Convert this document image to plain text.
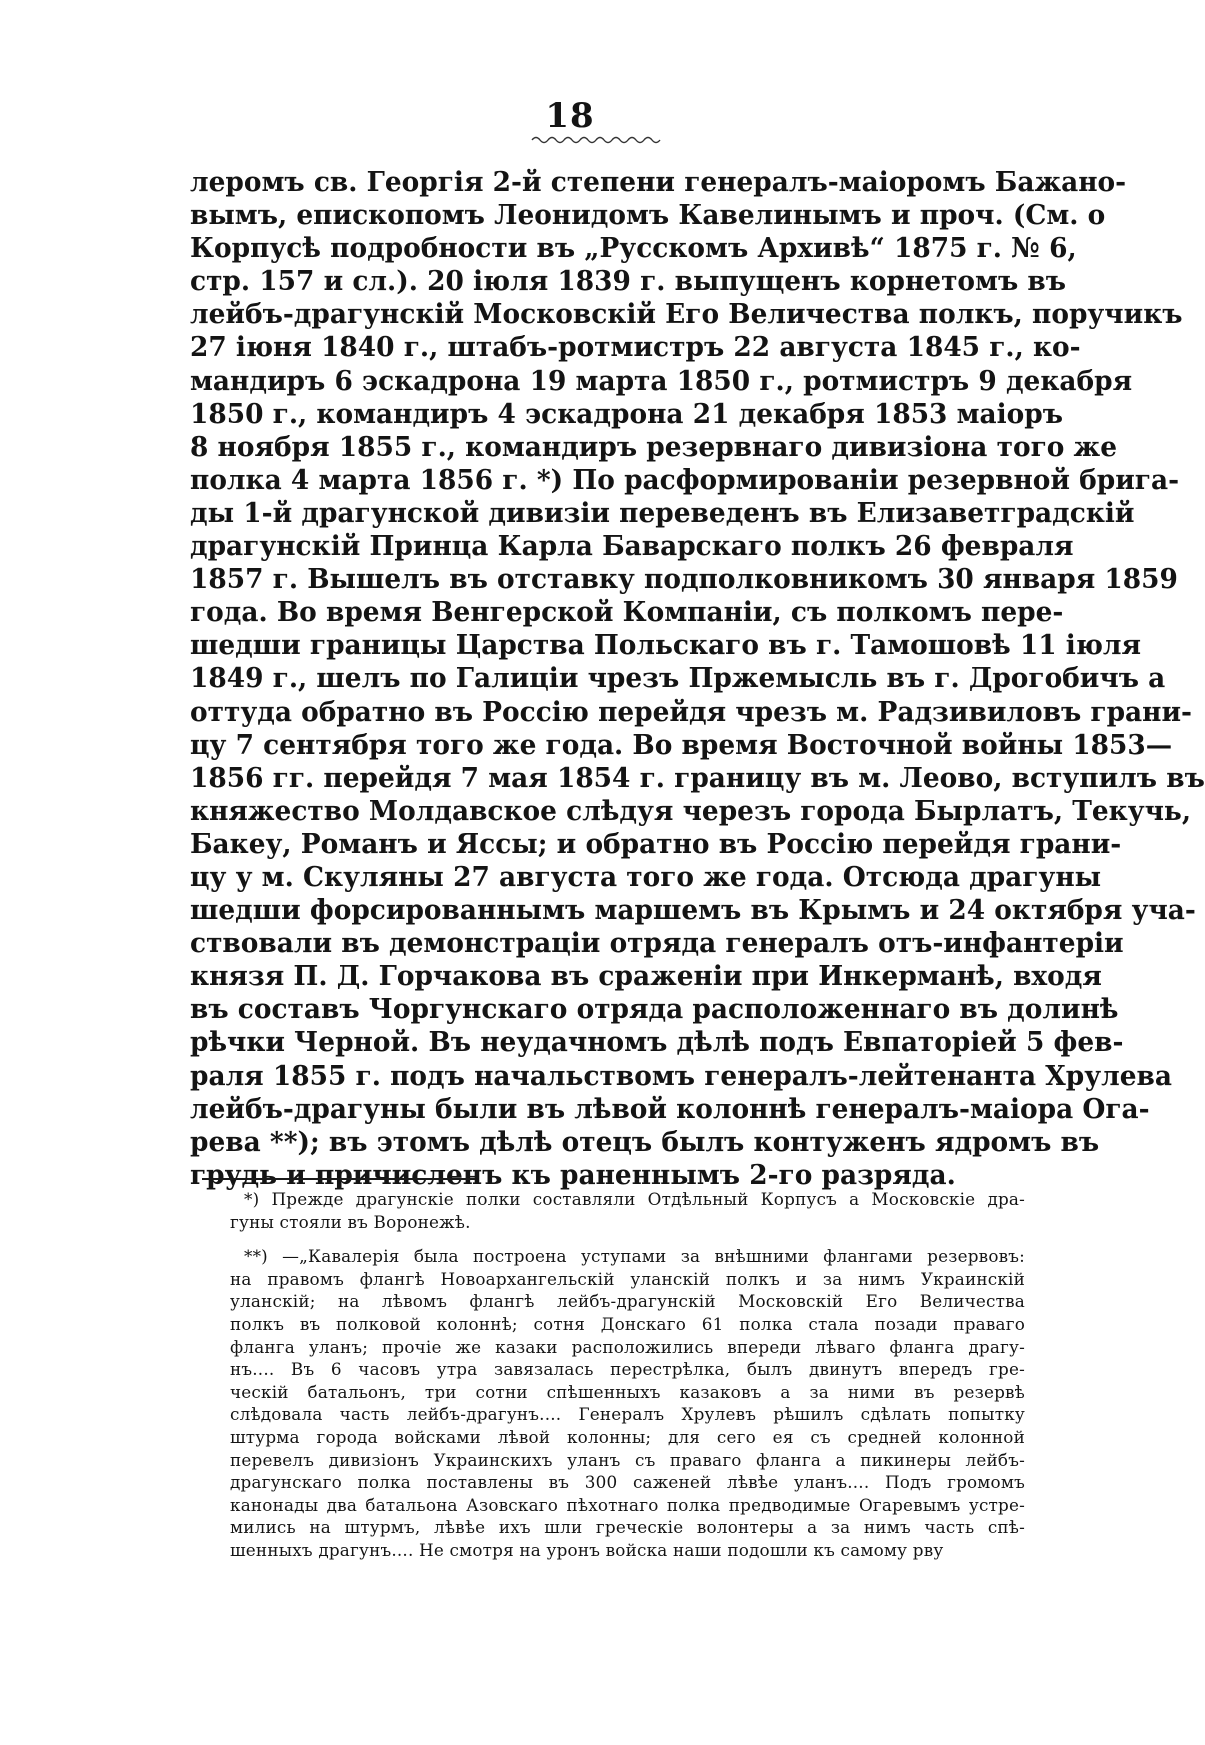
18
леромъ св. Георгія 2-й степени генералъ-маіоромъ Бажано-
вымъ, епископомъ Леонидомъ Кавелинымъ и проч. (См. о
Корпусѣ подробности въ „Русскомъ Архивѣ“ 1875 г. № 6,
стр. 157 и сл.). 20 іюля 1839 г. выпущенъ корнетомъ въ
лейбъ-драгунскій Московскій Его Величества полкъ, поручикъ
27 іюня 1840 г., штабъ-ротмистръ 22 августа 1845 г., ко-
мандиръ 6 эскадрона 19 марта 1850 г., ротмистръ 9 декабря
1850 г., командиръ 4 эскадрона 21 декабря 1853 маіоръ
8 ноября 1855 г., командиръ резервнаго дивизіона того же
полка 4 марта 1856 г. *) По расформированіи резервной брига-
ды 1-й драгунской дивизіи переведенъ въ Елизаветградскій
драгунскій Принца Карла Баварскаго полкъ 26 февраля
1857 г. Вышелъ въ отставку подполковникомъ 30 января 1859
года. Во время Венгерской Компаніи, съ полкомъ пере-
шедши границы Царства Польскаго въ г. Тамошовѣ 11 іюля
1849 г., шелъ по Галиціи чрезъ Пржемысль въ г. Дрогобичъ а
оттуда обратно въ Россію перейдя чрезъ м. Радзивиловъ грани-
цу 7 сентября того же года. Во время Восточной войны 1853—
1856 гг. перейдя 7 мая 1854 г. границу въ м. Леово, вступилъ въ
княжество Молдавское слѣдуя черезъ города Бырлатъ, Текучь,
Бакеу, Романъ и Яссы; и обратно въ Россію перейдя грани-
цу у м. Скуляны 27 августа того же года. Отсюда драгуны
шедши форсированнымъ маршемъ въ Крымъ и 24 октября уча-
ствовали въ демонстраціи отряда генералъ отъ-инфантеріи
князя П. Д. Горчакова въ сраженіи при Инкерманѣ, входя
въ составъ Чоргунскаго отряда расположеннаго въ долинѣ
рѣчки Черной. Въ неудачномъ дѣлѣ подъ Евпаторіей 5 фев-
раля 1855 г. подъ начальствомъ генералъ-лейтенанта Хрулева
лейбъ-драгуны были въ лѣвой колоннѣ генералъ-маіора Ога-
рева **); въ этомъ дѣлѣ отецъ былъ контуженъ ядромъ въ
грудь и причисленъ къ раненнымъ 2-го разряда.
*) Прежде драгунскіе полки составляли Отдѣльный Корпусъ а Московскіе дра-
гуны стояли въ Воронежѣ.
**) —„Кавалерія была построена уступами за внѣшними флангами резервовъ:
на правомъ флангѣ Новоархангельскій уланскій полкъ и за нимъ Украинскій
уланскій; на лѣвомъ флангѣ лейбъ-драгунскій Московскій Его Величества
полкъ въ полковой колоннѣ; сотня Донскаго 61 полка стала позади праваго
фланга уланъ; прочіе же казаки расположились впереди лѣваго фланга драгу-
нъ.... Въ 6 часовъ утра завязалась перестрѣлка, былъ двинутъ впередъ гре-
ческій батальонъ, три сотни спѣшенныхъ казаковъ а за ними въ резервѣ
слѣдовала часть лейбъ-драгунъ.... Генералъ Хрулевъ рѣшилъ сдѣлать попытку
штурма города войсками лѣвой колонны; для сего ея съ средней колонной
перевелъ дивизіонъ Украинскихъ уланъ съ праваго фланга а пикинеры лейбъ-
драгунскаго полка поставлены въ 300 саженей лѣвѣе уланъ.... Подъ громомъ
канонады два батальона Азовскаго пѣхотнаго полка предводимые Огаревымъ устре-
мились на штурмъ, лѣвѣе ихъ шли греческіе волонтеры а за нимъ часть спѣ-
шенныхъ драгунъ.... Не смотря на уронъ войска наши подошли къ самому рву
